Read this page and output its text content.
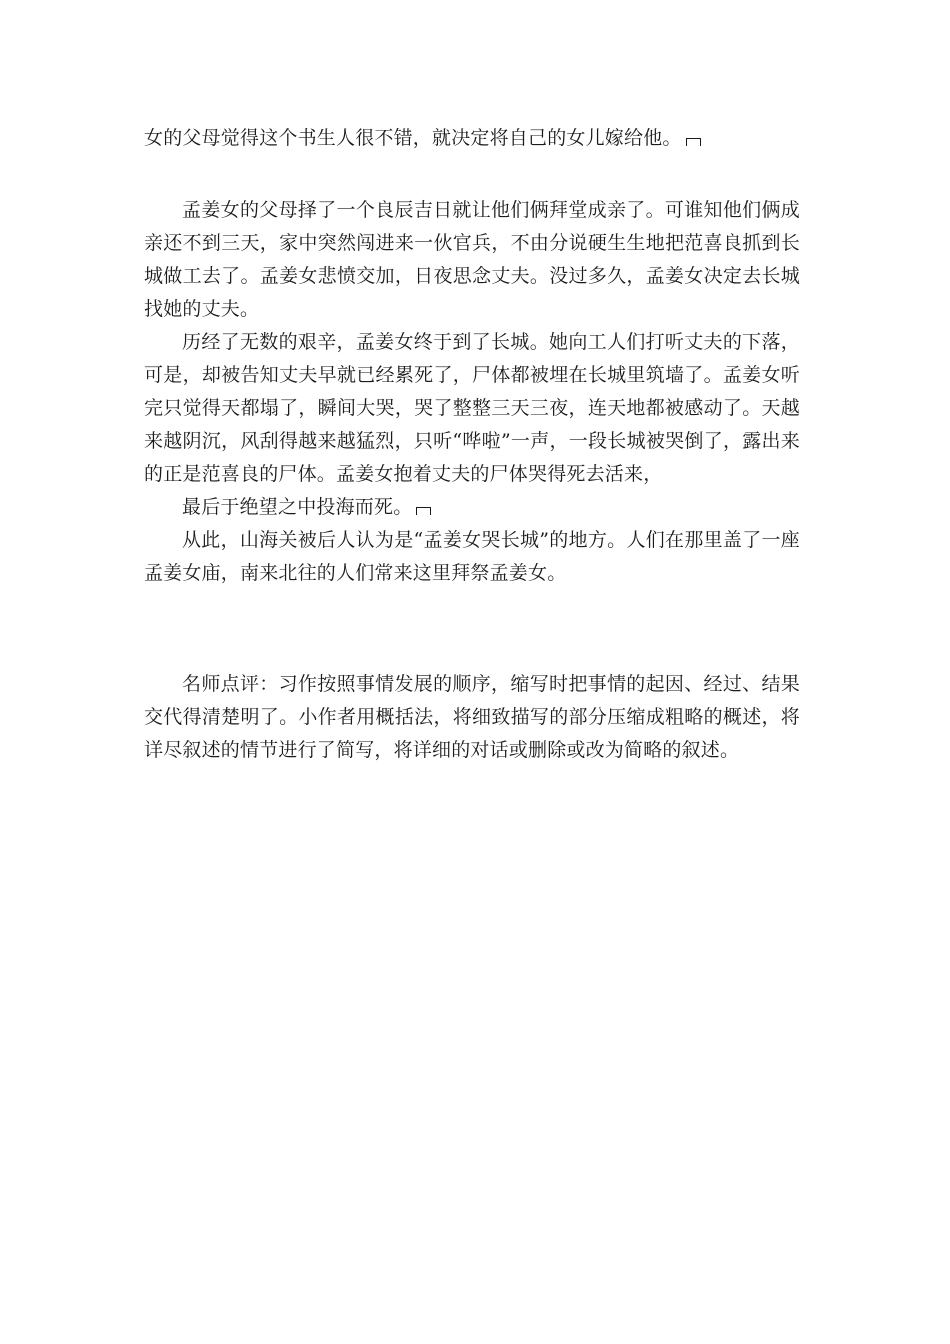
女的父母觉得这个书生人很不错，就决定将自己的女儿嫁给他。

孟姜女的父母择了一个良辰吉日就让他们俩拜堂成亲了。可谁知他们俩成亲还不到三天，家中突然闯进来一伙官兵，不由分说硬生生地把范喜良抓到长城做工去了。孟姜女悲愤交加，日夜思念丈夫。没过多久，孟姜女决定去长城找她的丈夫。

历经了无数的艰辛，孟姜女终于到了长城。她向工人们打听丈夫的下落，可是，却被告知丈夫早就已经累死了，尸体都被埋在长城里筑墙了。孟姜女听完只觉得天都塌了，瞬间大哭，哭了整整三天三夜，连天地都被感动了。天越来越阴沉，风刮得越来越猛烈，只听“哗啦”一声，一段长城被哭倒了，露出来的正是范喜良的尸体。孟姜女抱着丈夫的尸体哭得死去活来，

最后于绝望之中投海而死。

从此，山海关被后人认为是“孟姜女哭长城”的地方。人们在那里盖了一座孟姜女庙，南来北往的人们常来这里拜祭孟姜女。

名师点评：习作按照事情发展的顺序，缩写时把事情的起因、经过、结果交代得清楚明了。小作者用概括法，将细致描写的部分压缩成粗略的概述，将详尽叙述的情节进行了简写，将详细的对话或删除或改为简略的叙述。
